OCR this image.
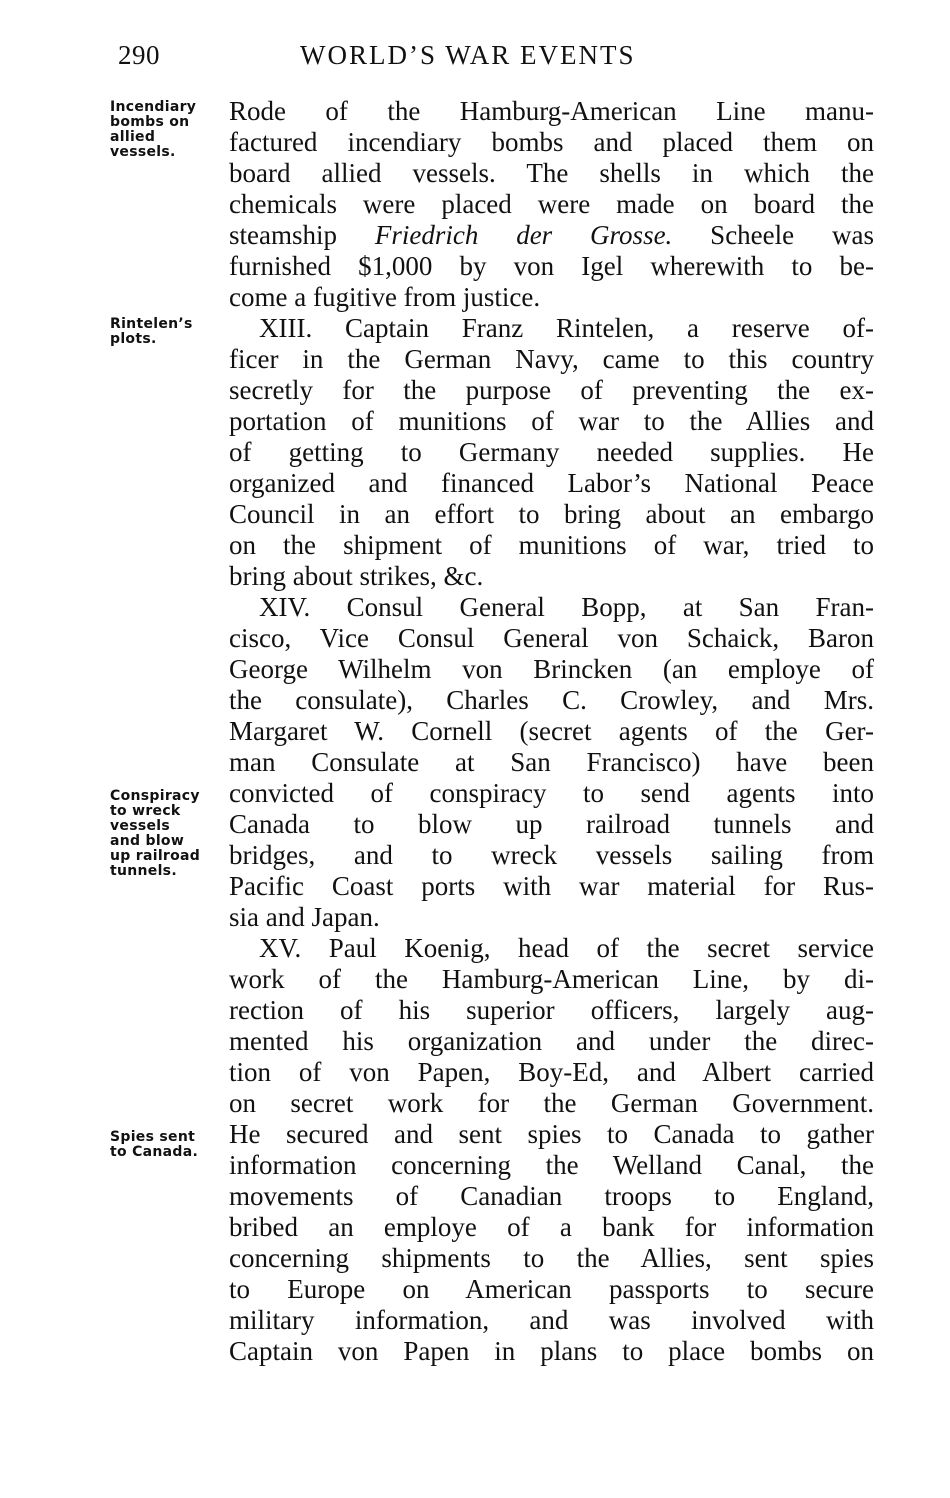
290	WORLD’S WAR EVENTS
Incendiary
bombs on
allied
vessels.
Rintelen’s
plots.
Conspiracy
to wreck
vessels
and blow
up railroad
tunnels.
Spies sent
to Canada.
Rode of the Hamburg-American Line manu-
factured incendiary bombs and placed them on
board allied vessels. The shells in which the
chemicals were placed were made on board the
steamship Friedrich der Grosse. Scheele was
furnished $1,000 by von Igel wherewith to be-
come a fugitive from justice.
XIII. Captain Franz Rintelen, a reserve of-
ficer in the German Navy, came to this country
secretly for the purpose of preventing the ex-
portation of munitions of war to the Allies and
of getting to Germany needed supplies. He
organized and financed Labor’s National Peace
Council in an effort to bring about an embargo
on the shipment of munitions of war, tried to
bring about strikes, &c.
XIV. Consul General Bopp, at San Fran-
cisco, Vice Consul General von Schaick, Baron
George Wilhelm von Brincken (an employe of
the consulate), Charles C. Crowley, and Mrs.
Margaret W. Cornell (secret agents of the Ger-
man Consulate at San Francisco) have been
convicted of conspiracy to send agents into
Canada to blow up railroad tunnels and
bridges, and to wreck vessels sailing from
Pacific Coast ports with war material for Rus-
sia and Japan.
XV. Paul Koenig, head of the secret service
work of the Hamburg-American Line, by di-
rection of his superior officers, largely aug-
mented his organization and under the direc-
tion of von Papen, Boy-Ed, and Albert carried
on secret work for the German Government.
He secured and sent spies to Canada to gather
information concerning the Welland Canal, the
movements of Canadian troops to England,
bribed an employe of a bank for information
concerning shipments to the Allies, sent spies
to Europe on American passports to secure
military information, and was involved with
Captain von Papen in plans to place bombs on
